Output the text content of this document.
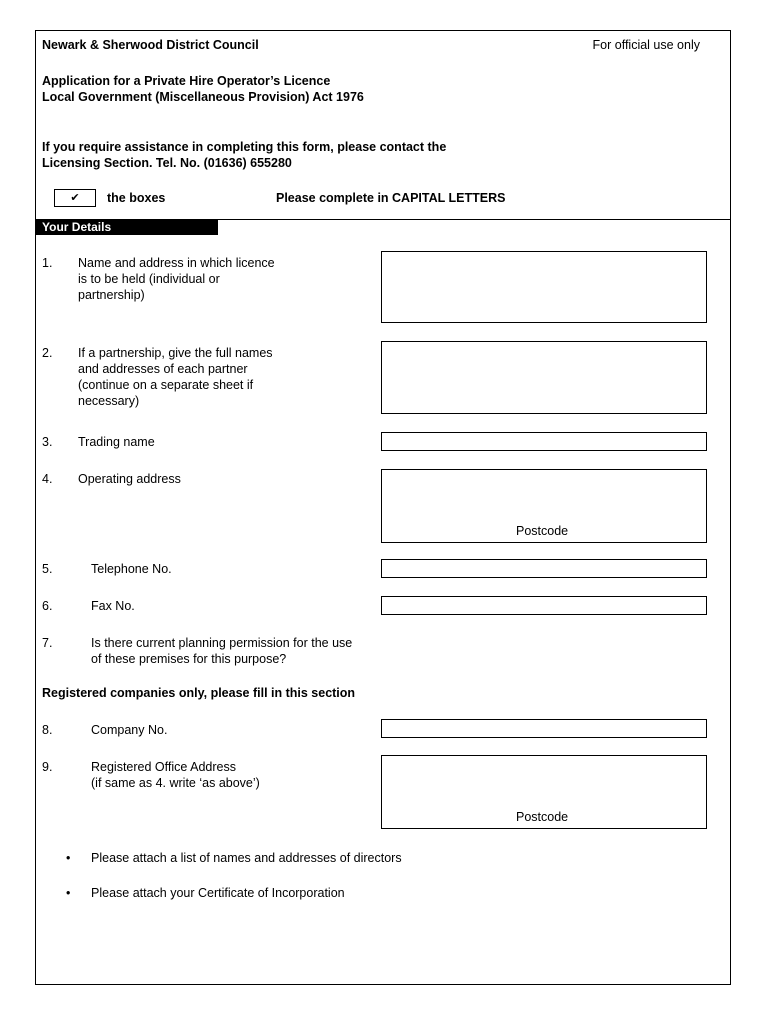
Newark & Sherwood District Council	For official use only
Application for a Private Hire Operator’s Licence
Local Government (Miscellaneous Provision) Act 1976
If you require assistance in completing this form, please contact the
Licensing Section. Tel. No. (01636) 655280
✔	the boxes	Please complete in CAPITAL LETTERS
Your Details
1. Name and address in which licence
is to be held (individual or
partnership)
2. If a partnership, give the full names
and addresses of each partner
(continue on a separate sheet if
necessary)
3. Trading name
4. Operating address
Postcode
5.	Telephone No.
6.	Fax No.
7.	Is there current planning permission for the use
of these premises for this purpose?
Registered companies only, please fill in this section
8.	Company No.
9.	Registered Office Address
(if same as 4. write ‘as above’)
Postcode
• Please attach a list of names and addresses of directors
• Please attach your Certificate of Incorporation
